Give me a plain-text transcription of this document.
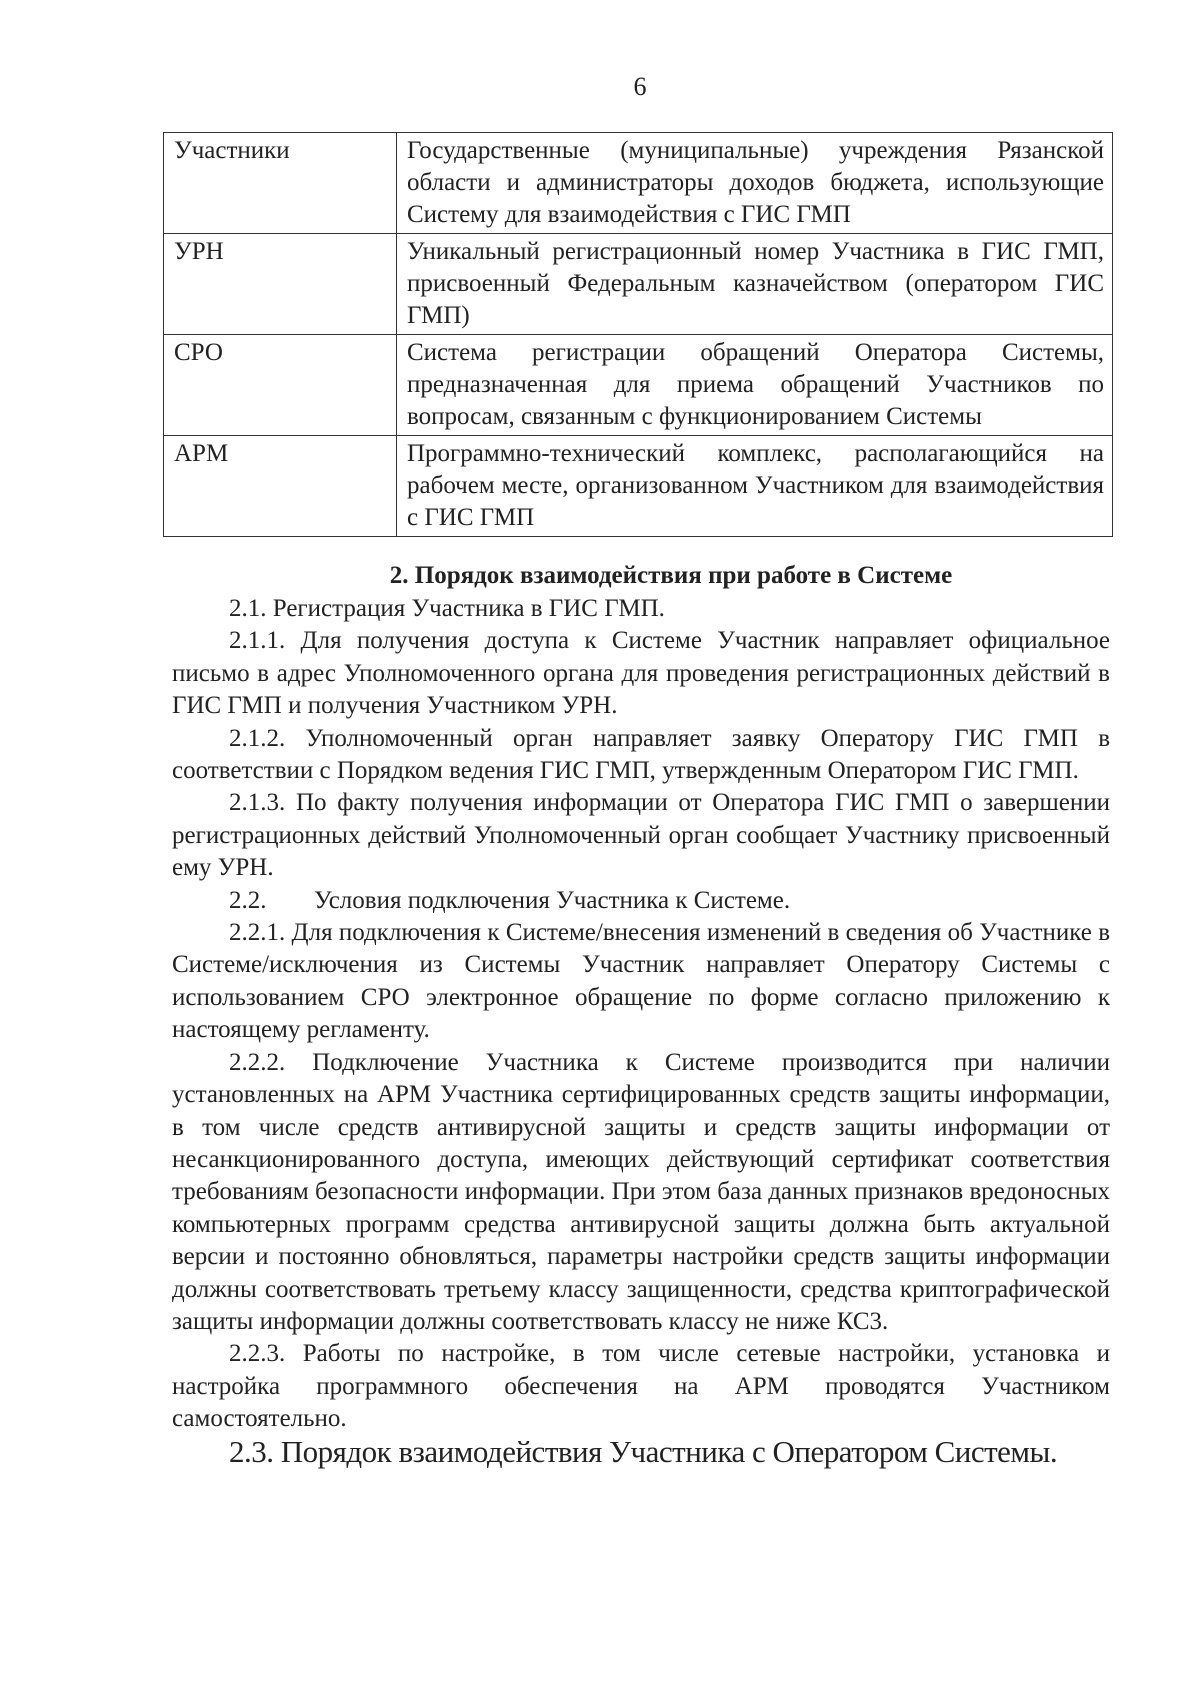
6
Участники	Государственные (муниципальные) учреждения Рязанской области и администраторы доходов бюджета, использующие Систему для взаимодействия с ГИС ГМП
УРН	Уникальный регистрационный номер Участника в ГИС ГМП, присвоенный Федеральным казначейством (оператором ГИС ГМП)
СРО	Система регистрации обращений Оператора Системы, предназначенная для приема обращений Участников по вопросам, связанным с функционированием Системы
АРМ	Программно-технический комплекс, располагающийся на рабочем месте, организованном Участником для взаимодействия с ГИС ГМП
2. Порядок взаимодействия при работе в Системе

2.1. Регистрация Участника в ГИС ГМП.

2.1.1. Для получения доступа к Системе Участник направляет официальное письмо в адрес Уполномоченного органа для проведения регистрационных действий в ГИС ГМП и получения Участником УРН.

2.1.2. Уполномоченный орган направляет заявку Оператору ГИС ГМП в соответствии с Порядком ведения ГИС ГМП, утвержденным Оператором ГИС ГМП.

2.1.3. По факту получения информации от Оператора ГИС ГМП о завершении регистрационных действий Уполномоченный орган сообщает Участнику присвоенный ему УРН.

2.2. Условия подключения Участника к Системе.

2.2.1. Для подключения к Системе/внесения изменений в сведения об Участнике в Системе/исключения из Системы Участник направляет Оператору Системы с использованием СРО электронное обращение по форме согласно приложению к настоящему регламенту.

2.2.2. Подключение Участника к Системе производится при наличии установленных на АРМ Участника сертифицированных средств защиты информации, в том числе средств антивирусной защиты и средств защиты информации от несанкционированного доступа, имеющих действующий сертификат соответствия требованиям безопасности информации. При этом база данных признаков вредоносных компьютерных программ средства антивирусной защиты должна быть актуальной версии и постоянно обновляться, параметры настройки средств защиты информации должны соответствовать третьему классу защищенности, средства криптографической защиты информации должны соответствовать классу не ниже КС3.

2.2.3. Работы по настройке, в том числе сетевые настройки, установка и настройка программного обеспечения на АРМ проводятся Участником самостоятельно.

2.3. Порядок взаимодействия Участника с Оператором Системы.
